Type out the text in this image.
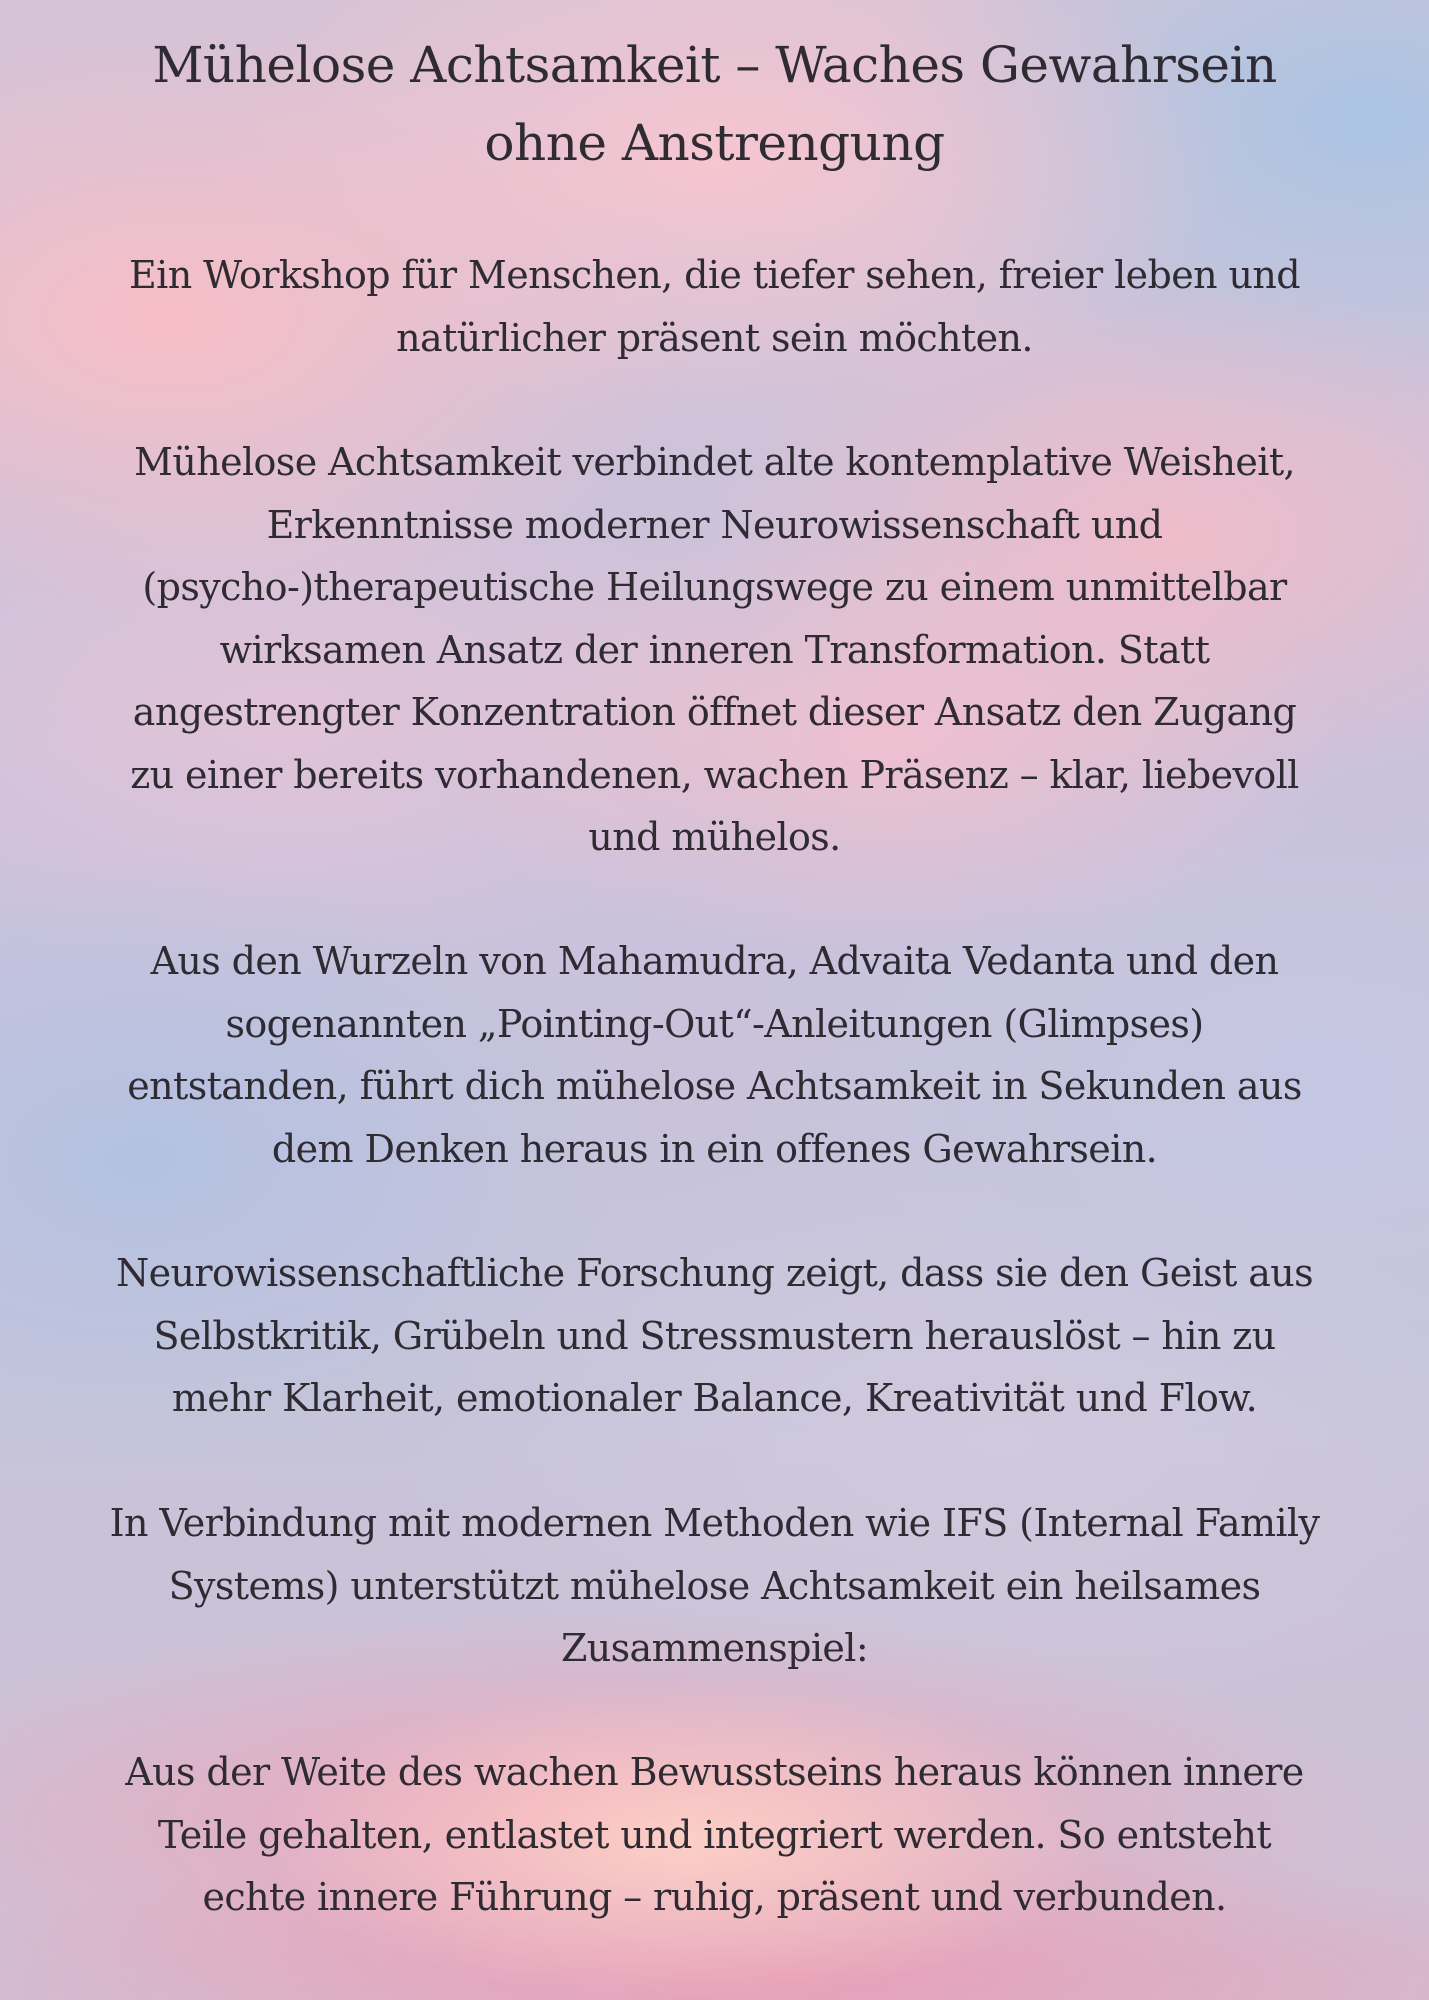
Mühelose Achtsamkeit – Waches Gewahrsein
ohne Anstrengung

Ein Workshop für Menschen, die tiefer sehen, freier leben und
natürlicher präsent sein möchten.

Mühelose Achtsamkeit verbindet alte kontemplative Weisheit,
Erkenntnisse moderner Neurowissenschaft und
(psycho-)therapeutische Heilungswege zu einem unmittelbar
wirksamen Ansatz der inneren Transformation. Statt
angestrengter Konzentration öffnet dieser Ansatz den Zugang
zu einer bereits vorhandenen, wachen Präsenz – klar, liebevoll
und mühelos.

Aus den Wurzeln von Mahamudra, Advaita Vedanta und den
sogenannten „Pointing-Out“-Anleitungen (Glimpses)
entstanden, führt dich mühelose Achtsamkeit in Sekunden aus
dem Denken heraus in ein offenes Gewahrsein.

Neurowissenschaftliche Forschung zeigt, dass sie den Geist aus
Selbstkritik, Grübeln und Stressmustern herauslöst – hin zu
mehr Klarheit, emotionaler Balance, Kreativität und Flow.

In Verbindung mit modernen Methoden wie IFS (Internal Family
Systems) unterstützt mühelose Achtsamkeit ein heilsames
Zusammenspiel:

Aus der Weite des wachen Bewusstseins heraus können innere
Teile gehalten, entlastet und integriert werden. So entsteht
echte innere Führung – ruhig, präsent und verbunden.
